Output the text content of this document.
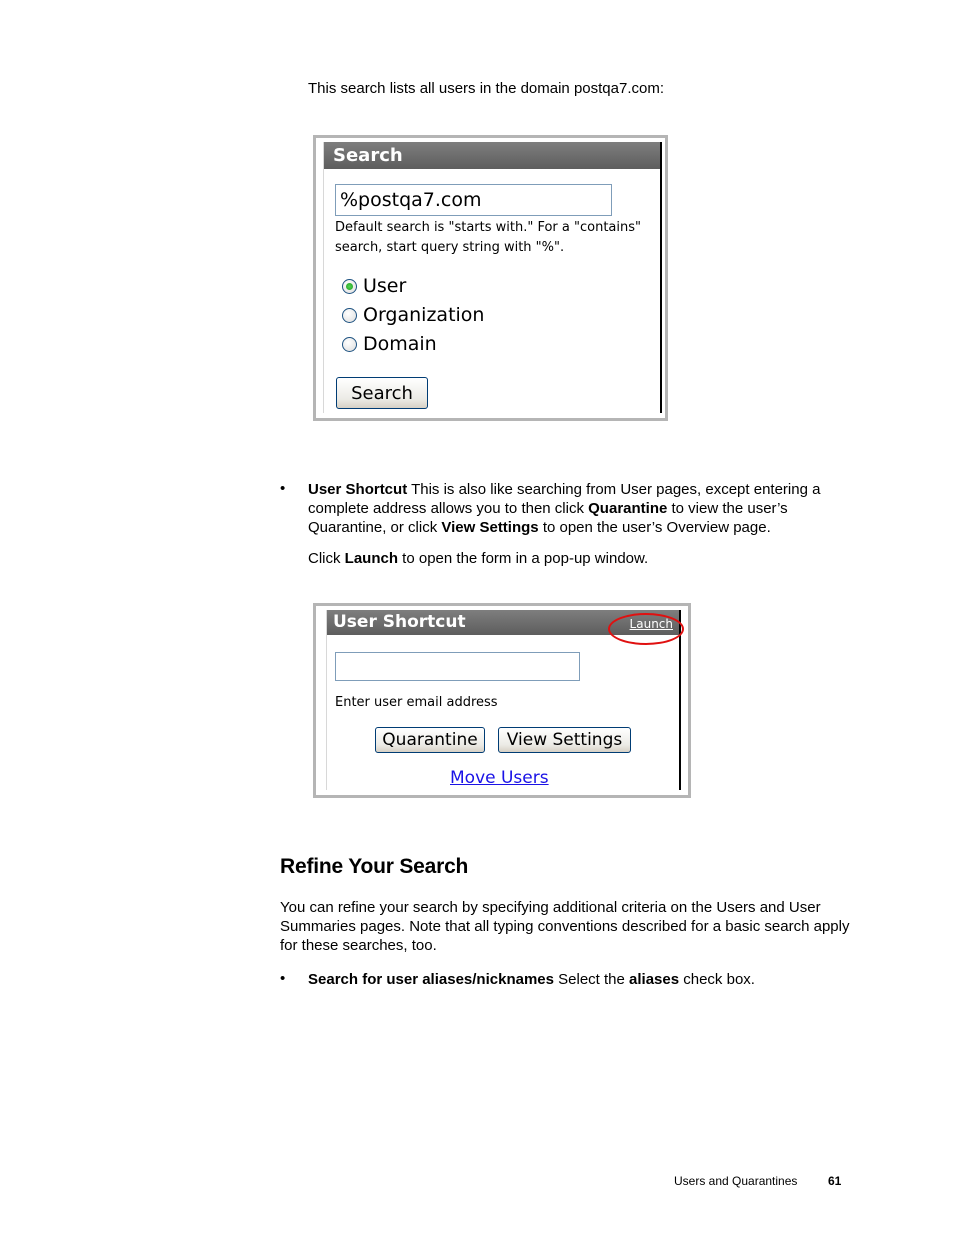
This search lists all users in the domain postqa7.com:
Search
%postqa7.com
Default search is "starts with." For a "contains"
search, start query string with "%".
User
Organization
Domain
Search
• User Shortcut This is also like searching from User pages, except entering a complete address allows you to then click Quarantine to view the user’s Quarantine, or click View Settings to open the user’s Overview page.
Click Launch to open the form in a pop-up window.
User Shortcut	Launch
Enter user email address
Quarantine	View Settings
Move Users
Refine Your Search
You can refine your search by specifying additional criteria on the Users and User Summaries pages. Note that all typing conventions described for a basic search apply for these searches, too.
• Search for user aliases/nicknames Select the aliases check box.
Users and Quarantines	61
